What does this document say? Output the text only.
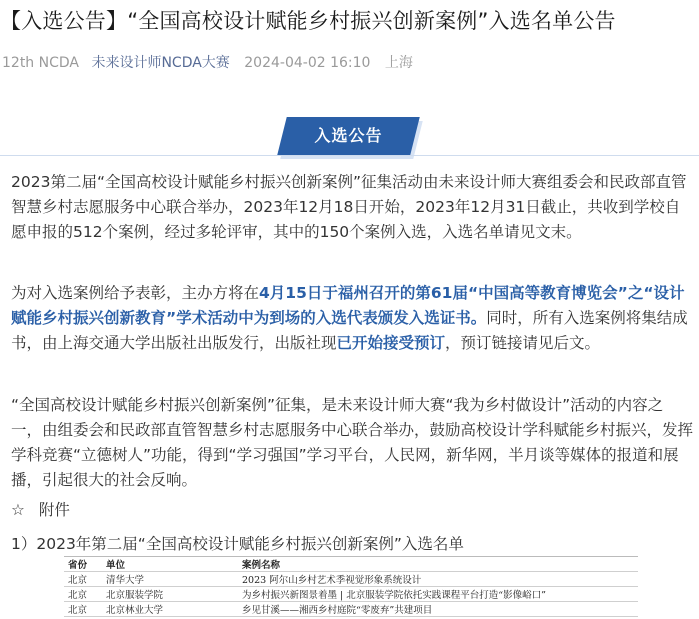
【入选公告】“全国高校设计赋能乡村振兴创新案例”入选名单公告
12th NCDA 未来设计师NCDA大赛 2024-04-02 16:10 上海
入选公告

2023第二届“全国高校设计赋能乡村振兴创新案例”征集活动由未来设计师大赛组委会和民政部直管智慧乡村志愿服务中心联合举办，2023年12月18日开始，2023年12月31日截止，共收到学校自愿申报的512个案例，经过多轮评审，其中的150个案例入选，入选名单请见文末。

为对入选案例给予表彰，主办方将在4月15日于福州召开的第61届“中国高等教育博览会”之“设计赋能乡村振兴创新教育”学术活动中为到场的入选代表颁发入选证书。同时，所有入选案例将集结成书，由上海交通大学出版社出版发行，出版社现已开始接受预订，预订链接请见后文。

“全国高校设计赋能乡村振兴创新案例”征集，是未来设计师大赛“我为乡村做设计”活动的内容之一，由组委会和民政部直管智慧乡村志愿服务中心联合举办，鼓励高校设计学科赋能乡村振兴，发挥学科竞赛“立德树人”功能，得到“学习强国”学习平台，人民网，新华网，半月谈等媒体的报道和展播，引起很大的社会反响。

☆ 附件
1）2023年第二届“全国高校设计赋能乡村振兴创新案例”入选名单
省份	单位	案例名称
北京	清华大学	2023 阿尔山乡村艺术季视觉形象系统设计
北京	北京服装学院	为乡村振兴新图景着墨 | 北京服装学院依托实践课程平台打造“影像峪口”
北京	北京林业大学	乡见甘溪——湘西乡村庭院“零废弃”共建项目
